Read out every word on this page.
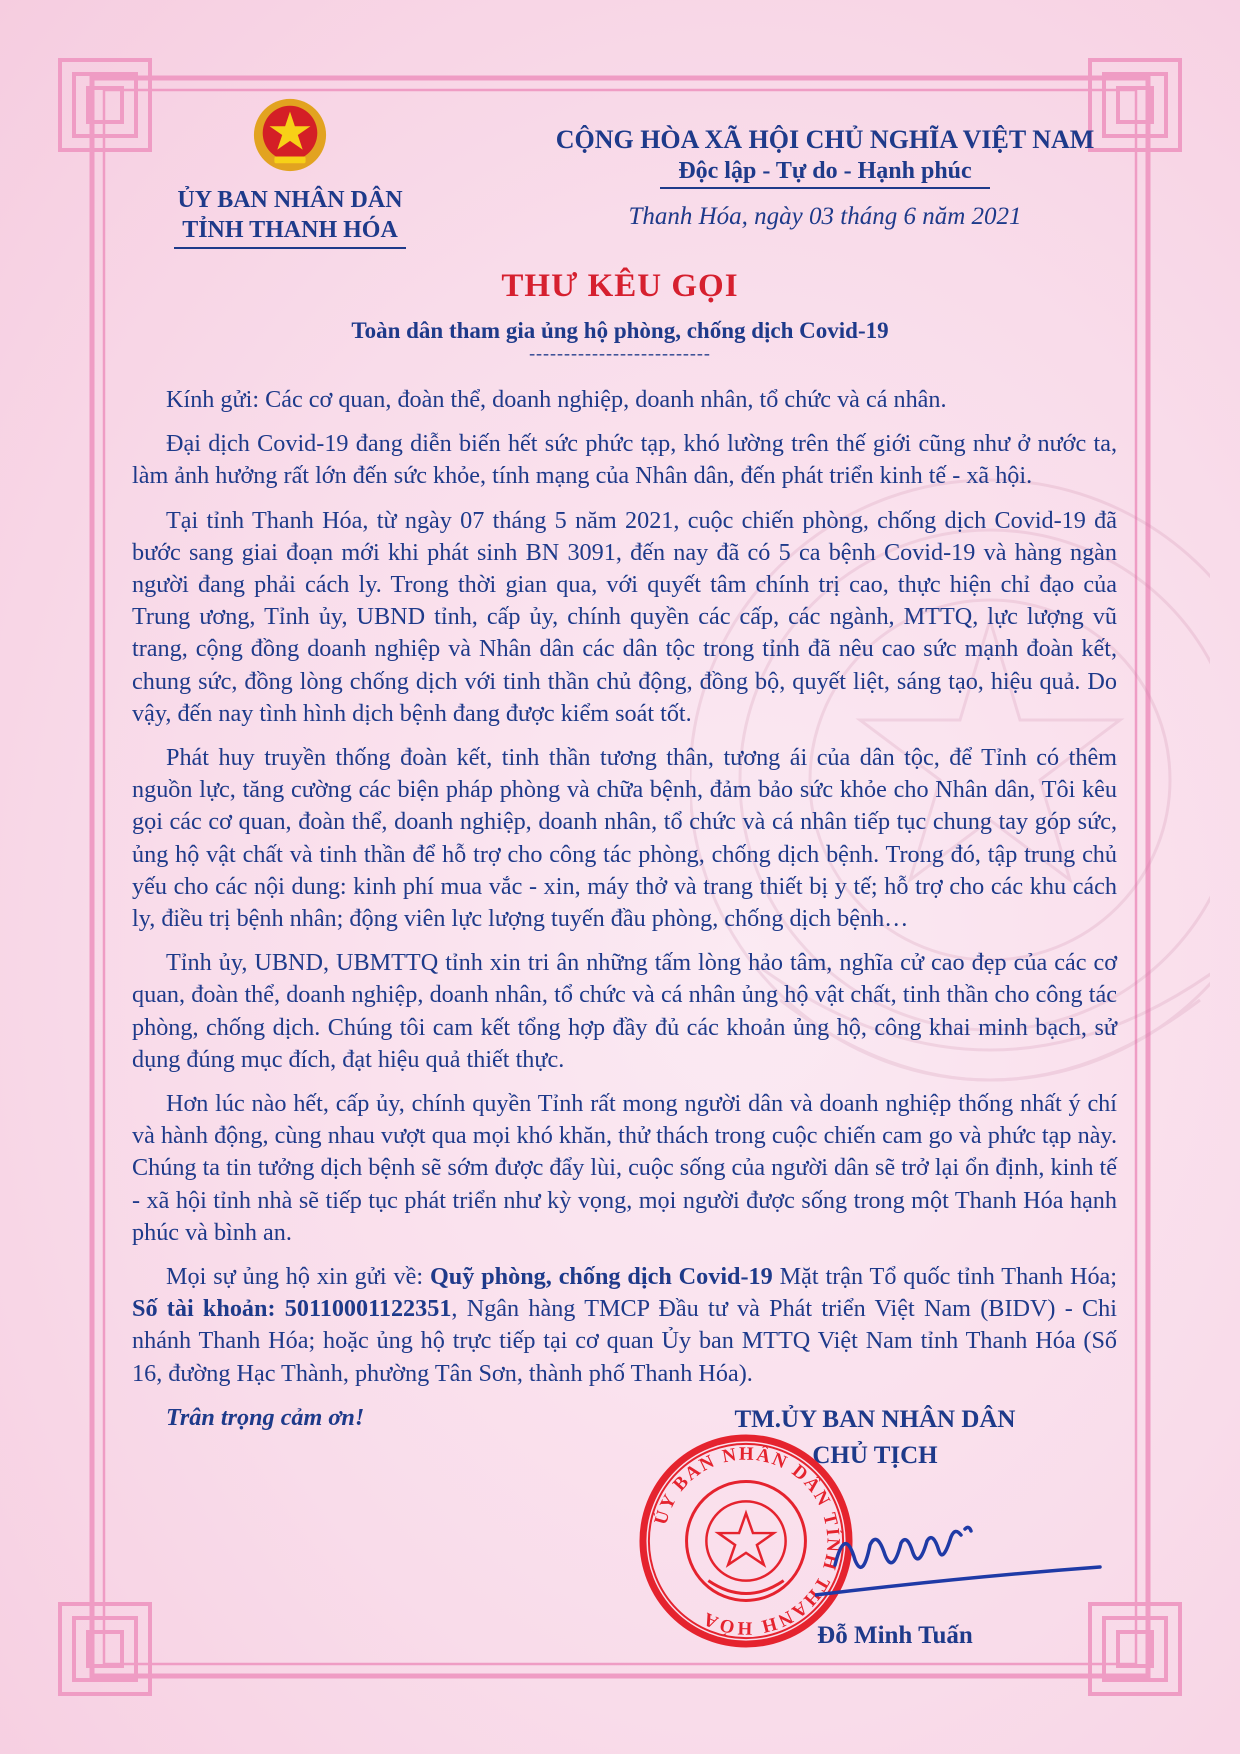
ỦY BAN NHÂN DÂN
TỈNH THANH HÓA
CỘNG HÒA XÃ HỘI CHỦ NGHĨA VIỆT NAM
Độc lập - Tự do - Hạnh phúc
Thanh Hóa, ngày 03 tháng 6 năm 2021
THƯ KÊU GỌI
Toàn dân tham gia ủng hộ phòng, chống dịch Covid-19
--------------------------

Kính gửi: Các cơ quan, đoàn thể, doanh nghiệp, doanh nhân, tổ chức và cá nhân.

Đại dịch Covid-19 đang diễn biến hết sức phức tạp, khó lường trên thế giới cũng như ở nước ta, làm ảnh hưởng rất lớn đến sức khỏe, tính mạng của Nhân dân, đến phát triển kinh tế - xã hội.

Tại tỉnh Thanh Hóa, từ ngày 07 tháng 5 năm 2021, cuộc chiến phòng, chống dịch Covid-19 đã bước sang giai đoạn mới khi phát sinh BN 3091, đến nay đã có 5 ca bệnh Covid-19 và hàng ngàn người đang phải cách ly. Trong thời gian qua, với quyết tâm chính trị cao, thực hiện chỉ đạo của Trung ương, Tỉnh ủy, UBND tỉnh, cấp ủy, chính quyền các cấp, các ngành, MTTQ, lực lượng vũ trang, cộng đồng doanh nghiệp và Nhân dân các dân tộc trong tỉnh đã nêu cao sức mạnh đoàn kết, chung sức, đồng lòng chống dịch với tinh thần chủ động, đồng bộ, quyết liệt, sáng tạo, hiệu quả. Do vậy, đến nay tình hình dịch bệnh đang được kiểm soát tốt.

Phát huy truyền thống đoàn kết, tinh thần tương thân, tương ái của dân tộc, để Tỉnh có thêm nguồn lực, tăng cường các biện pháp phòng và chữa bệnh, đảm bảo sức khỏe cho Nhân dân, Tôi kêu gọi các cơ quan, đoàn thể, doanh nghiệp, doanh nhân, tổ chức và cá nhân tiếp tục chung tay góp sức, ủng hộ vật chất và tinh thần để hỗ trợ cho công tác phòng, chống dịch bệnh. Trong đó, tập trung chủ yếu cho các nội dung: kinh phí mua vắc - xin, máy thở và trang thiết bị y tế; hỗ trợ cho các khu cách ly, điều trị bệnh nhân; động viên lực lượng tuyến đầu phòng, chống dịch bệnh…

Tỉnh ủy, UBND, UBMTTQ tỉnh xin tri ân những tấm lòng hảo tâm, nghĩa cử cao đẹp của các cơ quan, đoàn thể, doanh nghiệp, doanh nhân, tổ chức và cá nhân ủng hộ vật chất, tinh thần cho công tác phòng, chống dịch. Chúng tôi cam kết tổng hợp đầy đủ các khoản ủng hộ, công khai minh bạch, sử dụng đúng mục đích, đạt hiệu quả thiết thực.

Hơn lúc nào hết, cấp ủy, chính quyền Tỉnh rất mong người dân và doanh nghiệp thống nhất ý chí và hành động, cùng nhau vượt qua mọi khó khăn, thử thách trong cuộc chiến cam go và phức tạp này. Chúng ta tin tưởng dịch bệnh sẽ sớm được đẩy lùi, cuộc sống của người dân sẽ trở lại ổn định, kinh tế - xã hội tỉnh nhà sẽ tiếp tục phát triển như kỳ vọng, mọi người được sống trong một Thanh Hóa hạnh phúc và bình an.

Mọi sự ủng hộ xin gửi về: Quỹ phòng, chống dịch Covid-19 Mặt trận Tổ quốc tỉnh Thanh Hóa; Số tài khoản: 50110001122351, Ngân hàng TMCP Đầu tư và Phát triển Việt Nam (BIDV) - Chi nhánh Thanh Hóa; hoặc ủng hộ trực tiếp tại cơ quan Ủy ban MTTQ Việt Nam tỉnh Thanh Hóa (Số 16, đường Hạc Thành, phường Tân Sơn, thành phố Thanh Hóa).

Trân trọng cảm ơn!	TM.ỦY BAN NHÂN DÂN
CHỦ TỊCH
ỦY BAN NHÂN DÂN TỈNH THANH HÓA
Đỗ Minh Tuấn
